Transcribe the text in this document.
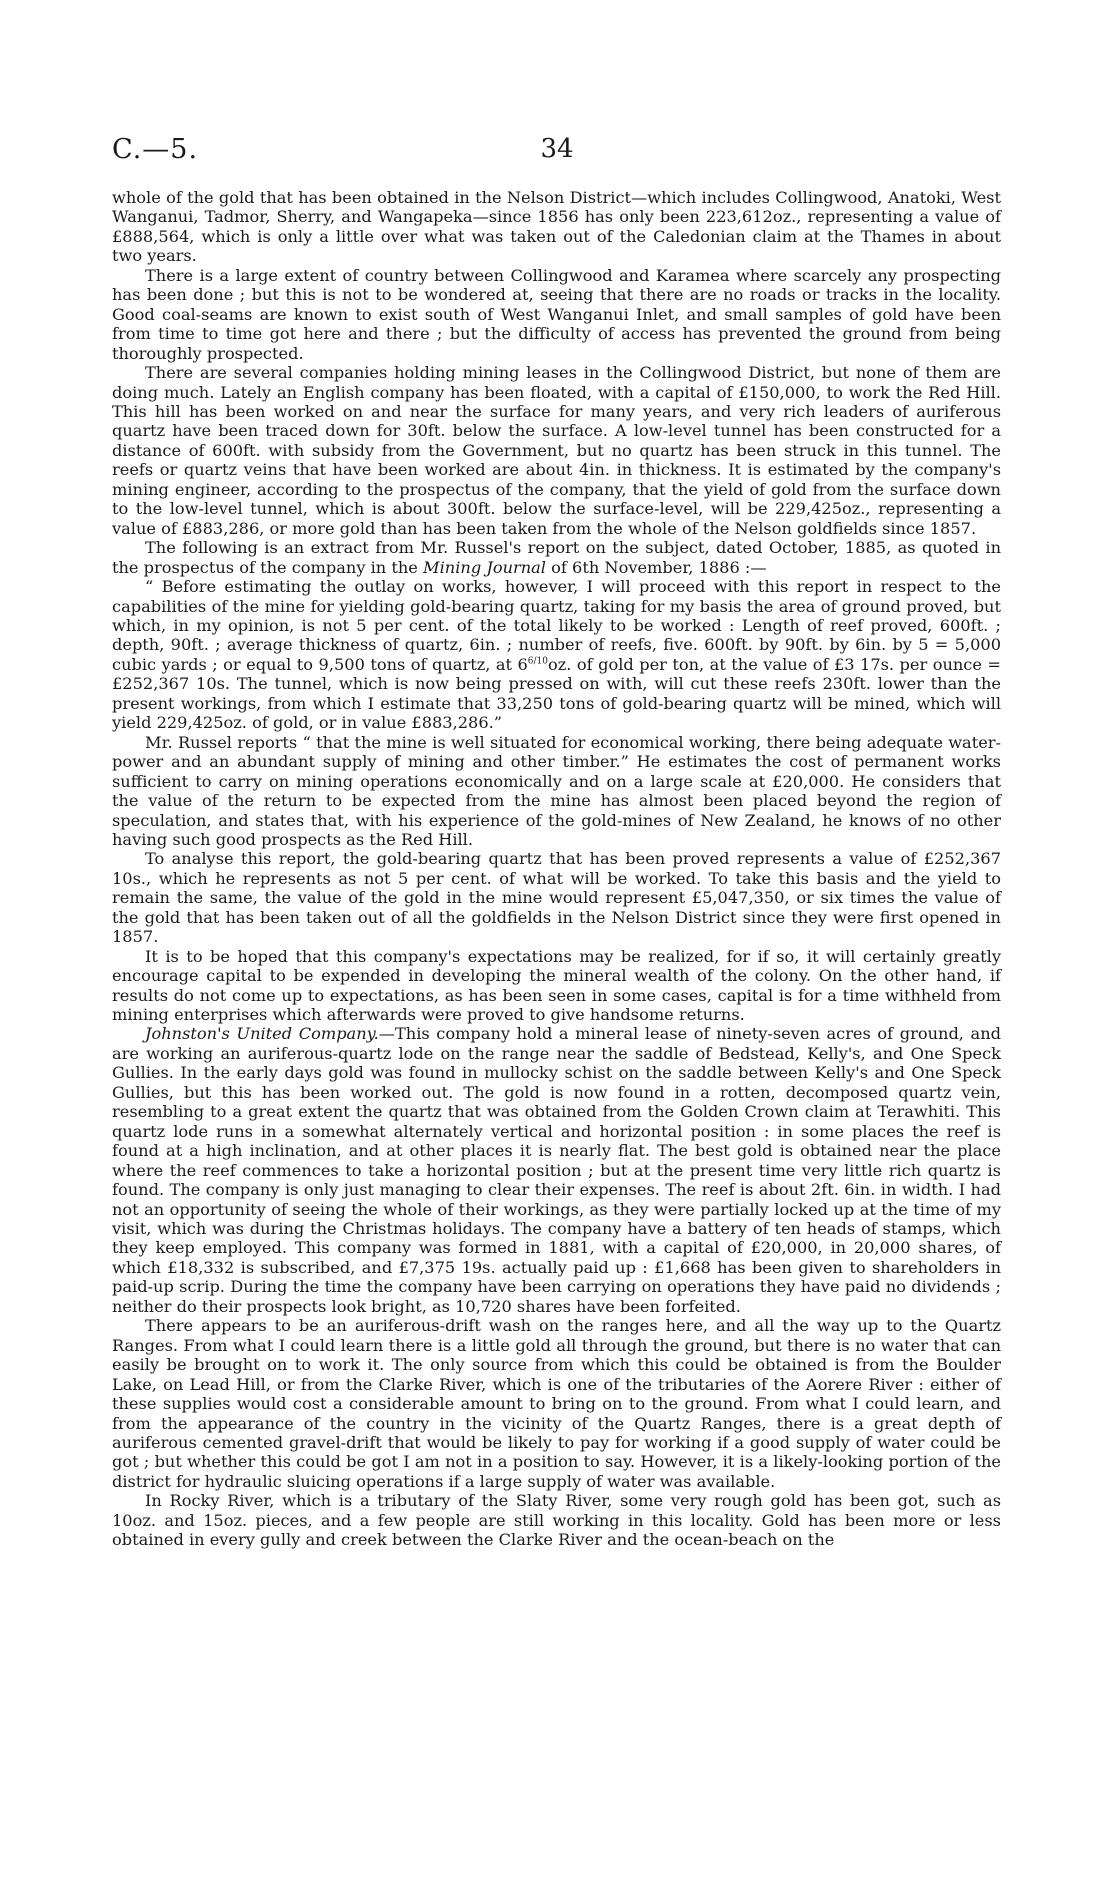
C.—5.	34

whole of the gold that has been obtained in the Nelson District—which includes Collingwood, Anatoki, West Wanganui, Tadmor, Sherry, and Wangapeka—since 1856 has only been 223,612oz., representing a value of £888,564, which is only a little over what was taken out of the Caledonian claim at the Thames in about two years.

There is a large extent of country between Collingwood and Karamea where scarcely any prospecting has been done ; but this is not to be wondered at, seeing that there are no roads or tracks in the locality. Good coal-seams are known to exist south of West Wanganui Inlet, and small samples of gold have been from time to time got here and there ; but the difficulty of access has prevented the ground from being thoroughly prospected.

There are several companies holding mining leases in the Collingwood District, but none of them are doing much. Lately an English company has been floated, with a capital of £150,000, to work the Red Hill. This hill has been worked on and near the surface for many years, and very rich leaders of auriferous quartz have been traced down for 30ft. below the surface. A low-level tunnel has been constructed for a distance of 600ft. with subsidy from the Government, but no quartz has been struck in this tunnel. The reefs or quartz veins that have been worked are about 4in. in thickness. It is estimated by the company's mining engineer, according to the prospectus of the company, that the yield of gold from the surface down to the low-level tunnel, which is about 300ft. below the surface-level, will be 229,425oz., representing a value of £883,286, or more gold than has been taken from the whole of the Nelson goldfields since 1857.

The following is an extract from Mr. Russel's report on the subject, dated October, 1885, as quoted in the prospectus of the company in the Mining Journal of 6th November, 1886 :—

“ Before estimating the outlay on works, however, I will proceed with this report in respect to the capabilities of the mine for yielding gold-bearing quartz, taking for my basis the area of ground proved, but which, in my opinion, is not 5 per cent. of the total likely to be worked : Length of reef proved, 600ft. ; depth, 90ft. ; average thickness of quartz, 6in. ; number of reefs, five. 600ft. by 90ft. by 6in. by 5 = 5,000 cubic yards ; or equal to 9,500 tons of quartz, at $6^{6/10}oz$. of gold per ton, at the value of £3 17s. per ounce = £252,367 10s. The tunnel, which is now being pressed on with, will cut these reefs 230ft. lower than the present workings, from which I estimate that 33,250 tons of gold-bearing quartz will be mined, which will yield 229,425oz. of gold, or in value £883,286.”

Mr. Russel reports “ that the mine is well situated for economical working, there being adequate water-power and an abundant supply of mining and other timber.” He estimates the cost of permanent works sufficient to carry on mining operations economically and on a large scale at £20,000. He considers that the value of the return to be expected from the mine has almost been placed beyond the region of speculation, and states that, with his experience of the gold-mines of New Zealand, he knows of no other having such good prospects as the Red Hill.

To analyse this report, the gold-bearing quartz that has been proved represents a value of £252,367 10s., which he represents as not 5 per cent. of what will be worked. To take this basis and the yield to remain the same, the value of the gold in the mine would represent £5,047,350, or six times the value of the gold that has been taken out of all the goldfields in the Nelson District since they were first opened in 1857.

It is to be hoped that this company's expectations may be realized, for if so, it will certainly greatly encourage capital to be expended in developing the mineral wealth of the colony. On the other hand, if results do not come up to expectations, as has been seen in some cases, capital is for a time withheld from mining enterprises which afterwards were proved to give handsome returns.

Johnston's United Company.—This company hold a mineral lease of ninety-seven acres of ground, and are working an auriferous-quartz lode on the range near the saddle of Bedstead, Kelly's, and One Speck Gullies. In the early days gold was found in mullocky schist on the saddle between Kelly's and One Speck Gullies, but this has been worked out. The gold is now found in a rotten, decomposed quartz vein, resembling to a great extent the quartz that was obtained from the Golden Crown claim at Terawhiti. This quartz lode runs in a somewhat alternately vertical and horizontal position : in some places the reef is found at a high inclination, and at other places it is nearly flat. The best gold is obtained near the place where the reef commences to take a horizontal position ; but at the present time very little rich quartz is found. The company is only just managing to clear their expenses. The reef is about 2ft. 6in. in width. I had not an opportunity of seeing the whole of their workings, as they were partially locked up at the time of my visit, which was during the Christmas holidays. The company have a battery of ten heads of stamps, which they keep employed. This company was formed in 1881, with a capital of £20,000, in 20,000 shares, of which £18,332 is subscribed, and £7,375 19s. actually paid up : £1,668 has been given to shareholders in paid-up scrip. During the time the company have been carrying on operations they have paid no dividends ; neither do their prospects look bright, as 10,720 shares have been forfeited.

There appears to be an auriferous-drift wash on the ranges here, and all the way up to the Quartz Ranges. From what I could learn there is a little gold all through the ground, but there is no water that can easily be brought on to work it. The only source from which this could be obtained is from the Boulder Lake, on Lead Hill, or from the Clarke River, which is one of the tributaries of the Aorere River : either of these supplies would cost a considerable amount to bring on to the ground. From what I could learn, and from the appearance of the country in the vicinity of the Quartz Ranges, there is a great depth of auriferous cemented gravel-drift that would be likely to pay for working if a good supply of water could be got ; but whether this could be got I am not in a position to say. However, it is a likely-looking portion of the district for hydraulic sluicing operations if a large supply of water was available.

In Rocky River, which is a tributary of the Slaty River, some very rough gold has been got, such as 10oz. and 15oz. pieces, and a few people are still working in this locality. Gold has been more or less obtained in every gully and creek between the Clarke River and the ocean-beach on the
